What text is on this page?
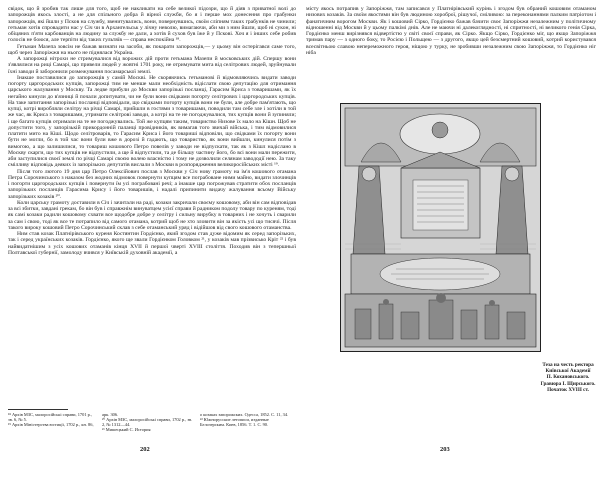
свідок, що й зробив так лише для того, щоб не накликати на себе великої підозри, що й діяв з приватної волі до запорожців якось злості, а не для спільного добра й вірної служби, бо я і перше мох донесення про грабунки запорожців, які йшли у Псков на службу, звенитувались, вони, повернувшись, своїм сліпням таких грабунків не чинили; гетьман хотів спровадити нас у Січ чи в Архангельськ у лічну неволю, вимагаючи, аби ми з ним йшли, щоб ні сукон, ні обіцяних п'яти карбованців на людину за службу не дали, а хотів й сухов був їже й у Пскові. Хоч я і інших себе робив голосів не боюся, але терпіти від таких гультяїв — справа неспокійна ¹⁸.

Гетьман Мазепа зовсім не бажав визнати на засоби, як покарати запорожців,— у цьому він остерігався саме того, щоб через Запоріжжя на нього не піднялася Україна.

А запорожці нітрохи не стримувалися від ворожих дій проти гетьмана Мазепи й московських дій. Спершу вони з'являлися на риці Самарі, що привели людей у жовтні 1701 року, не отримувати мита від селітрових людей, зруйнували їхні заводи й заборонили розмежування посамарської землі.

Інакше поставилися до запорожців у самій Москві. Не скоряючись гетьманові й відмовляючись видати заводи погорту царгородських купців, запорожці тим не менше мали необхідність відіслати свою депутацію для отримання царського жалування у Москву. Та ледве прибули до Москви запорізькі посланці, Гарасим Криса з товаришами, як їх негайно кинули до в'язниці й почали допитувати, чи не були вони свідками погорту селітрових і царгородських купців. На таке запитання запорізькі посланці відповідали, що свідками погорту купців вони не були, але добре пам'ятають, що купці, котрі виробляли селітру на річці Самарі, прийшли в гостями з товаришами, поводили там себе зле і хотіли в той же час, як Криса з товаришами, утримати селітрові заводи, а котрі на те не погоджувалися, тих купців вони й зупиняли; і ще багато купців отримали на те не погоджувались. Той же купцям таким, товариство Низове їх мало на Кішн. Щоб не допустити того, у запорізькій прикордонній паланці провідників, як вимагав того звичай війська, і тим відмовилися платити мито на Кіші. Щодо селітроварів, то Гарасим Криса і його товариші відповіли, що свідками їх погорту вони бути не могли, бо в той час вони були вже в дорозі й гадають, що товариство, як вони вийшли, кинулися потім з вимогою, а що залишилися, то товариш кошового Петро повелів у заводи не відпускати, так як з Кішл надіслано в Москву скарги, що тих купців не відпустили, а ще й відпустили, та де більшу частину його, бо всі вони мали пережити, аби заступилися своєї землі по річці Самарі своєю волею власністю і тому не дозволили селянам завододії нею. За таку смілливу відповідь деяких із запорізьких депутатів вислали з Москви в розпорядження великоросійських місті ¹⁹.

Після того лютого 19 дня цар Петро Олексійович послав з Москви у Січ нову грамоту на ім'я кошового отамана Петра Сорочинського з наказом без жодних відмовок повернути купцям все пограбоване ними майно, видати злочинців і погорти царгородських купців і повернути їм усі пограбовані речі; а інакше цар погрожував стратити обох посланців запорізьких посланців Гарасима Крису і його товаришів, і надалі припинити видачу жалування всьому Війську запорізьких козаків ²⁰.

Коли царську грамоту доставили в Січ і зачитали на раді, козаки закричали своєму кошовому, аби він сам відповідав за всі збитки, завдані грекам, бо він був і справжнім винуватцем усієї справи й радником подолу товару по куреням, тоді як самі козаки радили кошовому схвати все щодобре добре у селітру і сильну вирубку в товарних і не хочуть і сварили за сам і свою, тоді як все те потрапило від самого отамана, котрий щоб не хто зловити він за якість усі що тисячі. Після такого вироку кошовий Петро Сорочинський склав з себе отаманський уряд і відійшов від свого кошового отаманства.

Ним став козак Платнірівського куреня Костянтин Гордієнко, який згодом став дуже відомим як серед запорізьких, так і серед українських козаків. Гордієнко, якого ще звали Гордієнком Головком ²¹, у козаків мав прізвисько Кріт ²² і був найвидатнішим з усіх кошових отаманів кінця XVII й першої чверті XVIII століття. Походив він з тепершньої Полтавської губернії, замолоду вчився у Київській духовній академії, а

¹⁸ Архів МЗС, малоросійські справи, 1701 р., зв. 6, № 5.
¹⁹ Архів Міністерства юстиції, 1702 р., кн. 86,
арк. 306.
²⁰ Архів МЗС, малоросійські справи, 1702 р., зв. 2, № 1312—44.
²¹ Мишецький С. История
о козаках запорожских. Одесса, 1852. С. 11, 34.
²² Южнорусские летописи, изданные Белозерским. Киев, 1856. Т. 1. С. 90.
202

місту якось потрапив у Запоріжжя, там записався у Платнірівський курінь і згодом був обраний кошовим отаманом низових козаків. За своїм якостями він був людиною хороброї, рішучої, сміливою: за переконаннями палким патріотом і фанатичним ворогом Москви. Як і кошовий Сірко, Гордієнко бажав бачити своє Запоріжжя незалежним у політичному відношенні від Москви й у цьому палкімі днів. Але не маючи ні далекоглядності, ні спритності, ні великого генія Сірка, Гордієнко менш вирізнявся відвертістю у світі своєї справи, як Сірко. Якщо Сірко, Гордієнко міг, що якщо Запоріжжя тримав пару — з одного боку, то Росією і Польщею — з другого, якщо цей безсмертний кошовий, котрий користувався всесвітньою славою непереможного героя, ніщою у турку, не зробивши незалежним свою Запоріжжя, то Гордієнко ніг ніба

Теза на честь ректора
Київської Академії
П. Кохановського.
Гравюра І. Щирського.
Початок XVIII ст.
203
